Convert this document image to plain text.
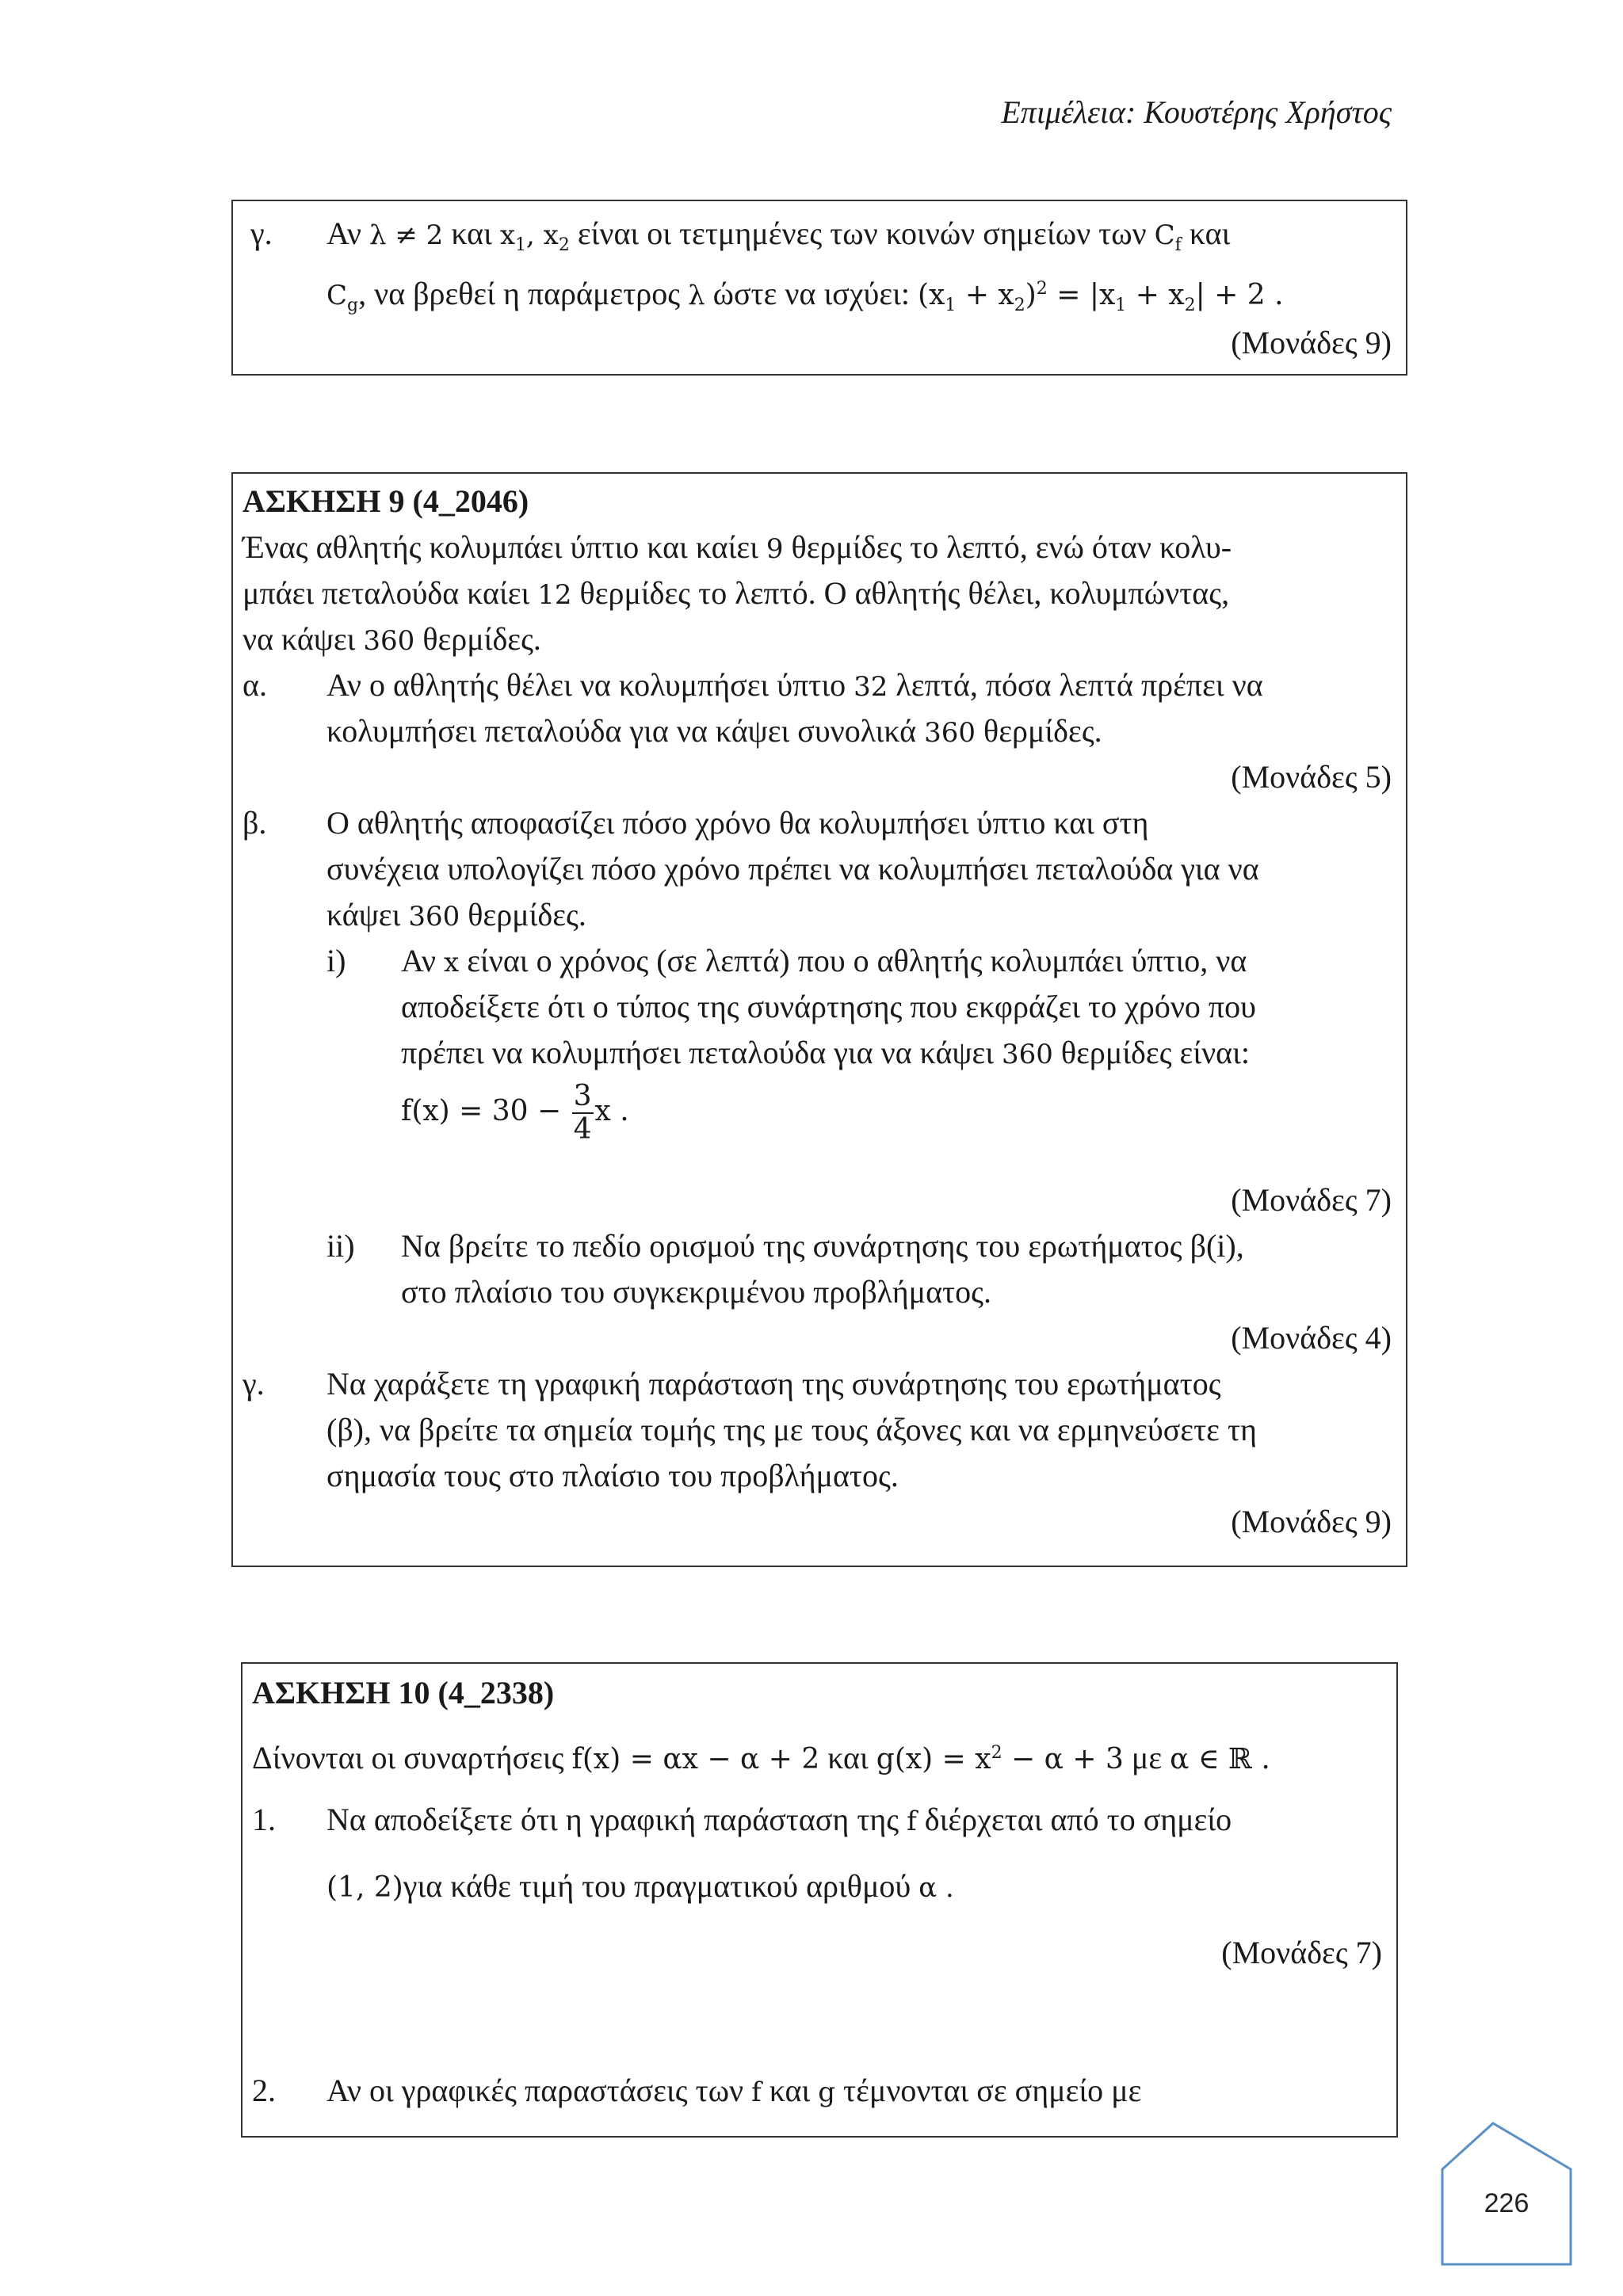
Επιμέλεια: Κουστέρης Χρήστος
γ. Αν λ ≠ 2 και $x_1$, $x_2$ είναι οι τετμημένες των κοινών σημείων των $C_f$ και
$C_g$, να βρεθεί η παράμετρος λ ώστε να ισχύει: $(x_1 + x_2)^2 = |x_1 + x_2| + 2$ .
(Μονάδες 9)
ΑΣΚΗΣΗ 9 (4_2046)
Ένας αθλητής κολυμπάει ύπτιο και καίει 9 θερμίδες το λεπτό, ενώ όταν κολυ-
μπάει πεταλούδα καίει 12 θερμίδες το λεπτό. Ο αθλητής θέλει, κολυμπώντας,
να κάψει 360 θερμίδες.
α. Αν ο αθλητής θέλει να κολυμπήσει ύπτιο 32 λεπτά, πόσα λεπτά πρέπει να
κολυμπήσει πεταλούδα για να κάψει συνολικά 360 θερμίδες.
(Μονάδες 5)
β. Ο αθλητής αποφασίζει πόσο χρόνο θα κολυμπήσει ύπτιο και στη
συνέχεια υπολογίζει πόσο χρόνο πρέπει να κολυμπήσει πεταλούδα για να
κάψει 360 θερμίδες.
i) Αν x είναι ο χρόνος (σε λεπτά) που ο αθλητής κολυμπάει ύπτιο, να
αποδείξετε ότι ο τύπος της συνάρτησης που εκφράζει το χρόνο που
πρέπει να κολυμπήσει πεταλούδα για να κάψει 360 θερμίδες είναι:
$f(x) = 30 - \frac{3}{4}$ x .
(Μονάδες 7)
ii) Να βρείτε το πεδίο ορισμού της συνάρτησης του ερωτήματος β(i),
στο πλαίσιο του συγκεκριμένου προβλήματος.
(Μονάδες 4)
γ. Να χαράξετε τη γραφική παράσταση της συνάρτησης του ερωτήματος
(β), να βρείτε τα σημεία τομής της με τους άξονες και να ερμηνεύσετε τη
σημασία τους στο πλαίσιο του προβλήματος.
(Μονάδες 9)
ΑΣΚΗΣΗ 10 (4_2338)
Δίνονται οι συναρτήσεις f(x) = αx − α + 2 και $g(x) = x^2 - \alpha + 3$ με α ∈ ℝ .
1. Να αποδείξετε ότι η γραφική παράσταση της f διέρχεται από το σημείο
(1, 2)για κάθε τιμή του πραγματικού αριθμού α .
(Μονάδες 7)
2. Αν οι γραφικές παραστάσεις των f και g τέμνονται σε σημείο με
226
